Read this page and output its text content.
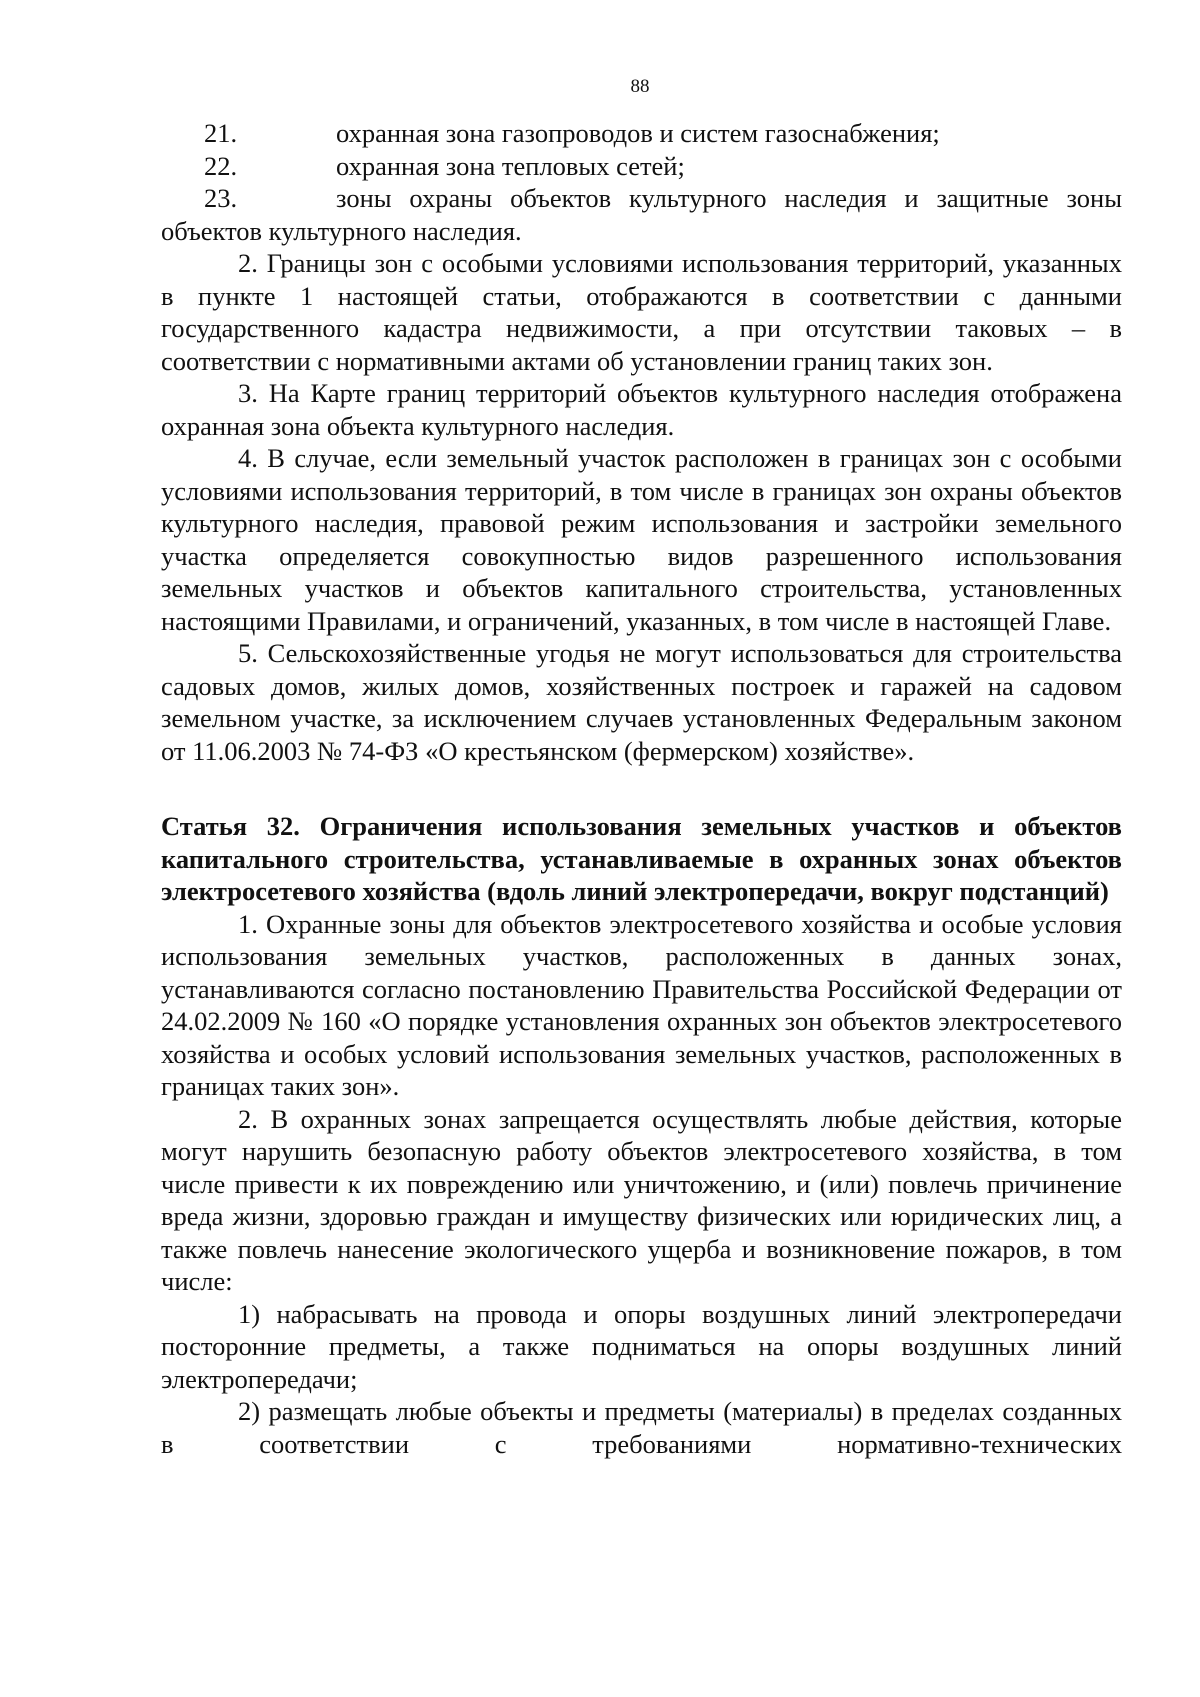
88
21.	охранная зона газопроводов и систем газоснабжения;
22.	охранная зона тепловых сетей;
23.	зоны охраны объектов культурного наследия и защитные зоны

объектов культурного наследия.

2. Границы зон с особыми условиями использования территорий, указанных в пункте 1 настоящей статьи, отображаются в соответствии с данными государственного кадастра недвижимости, а при отсутствии таковых – в соответствии с нормативными актами об установлении границ таких зон.

3. На Карте границ территорий объектов культурного наследия отображена охранная зона объекта культурного наследия.

4. В случае, если земельный участок расположен в границах зон с особыми условиями использования территорий, в том числе в границах зон охраны объектов культурного наследия, правовой режим использования и застройки земельного участка определяется совокупностью видов разрешенного использования земельных участков и объектов капитального строительства, установленных настоящими Правилами, и ограничений, указанных, в том числе в настоящей Главе.

5. Сельскохозяйственные угодья не могут использоваться для строительства садовых домов, жилых домов, хозяйственных построек и гаражей на садовом земельном участке, за исключением случаев установленных Федеральным законом от 11.06.2003 № 74-ФЗ «О крестьянском (фермерском) хозяйстве».

Статья 32. Ограничения использования земельных участков и объектов капитального строительства, устанавливаемые в охранных зонах объектов электросетевого хозяйства (вдоль линий электропередачи, вокруг подстанций)

1. Охранные зоны для объектов электросетевого хозяйства и особые условия использования земельных участков, расположенных в данных зонах, устанавливаются согласно постановлению Правительства Российской Федерации от 24.02.2009 № 160 «О порядке установления охранных зон объектов электросетевого хозяйства и особых условий использования земельных участков, расположенных в границах таких зон».

2. В охранных зонах запрещается осуществлять любые действия, которые могут нарушить безопасную работу объектов электросетевого хозяйства, в том числе привести к их повреждению или уничтожению, и (или) повлечь причинение вреда жизни, здоровью граждан и имуществу физических или юридических лиц, а также повлечь нанесение экологического ущерба и возникновение пожаров, в том числе:

1) набрасывать на провода и опоры воздушных линий электропередачи посторонние предметы, а также подниматься на опоры воздушных линий электропередачи;

2) размещать любые объекты и предметы (материалы) в пределах созданных в соответствии с требованиями нормативно-технических
